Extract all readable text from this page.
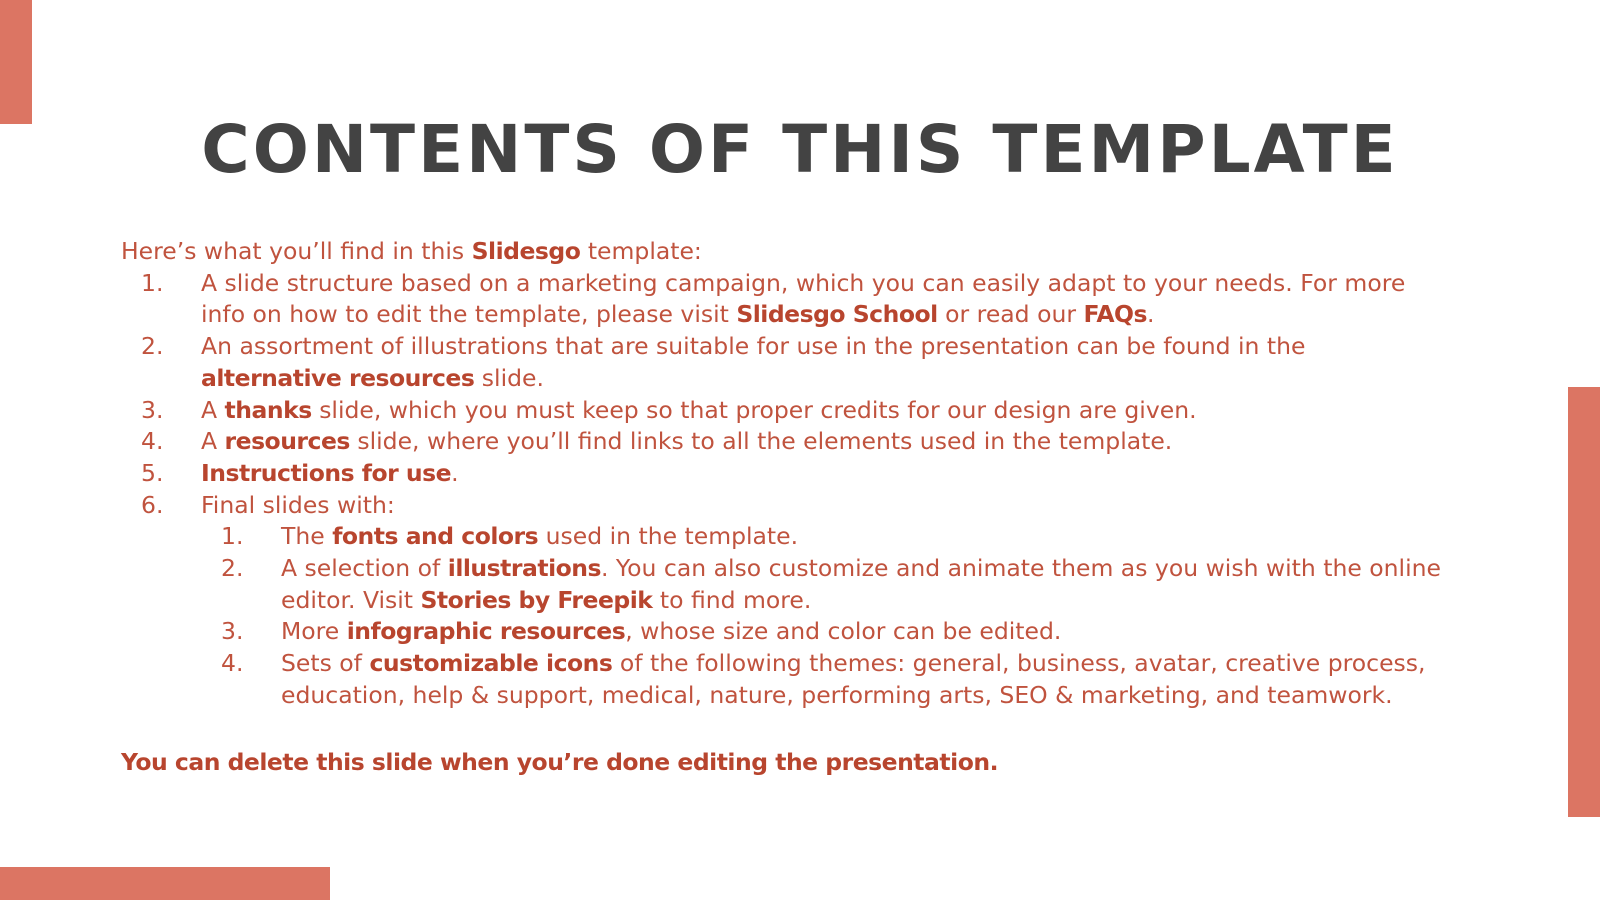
CONTENTS OF THIS TEMPLATE

Here’s what you’ll find in this Slidesgo template:

1. A slide structure based on a marketing campaign, which you can easily adapt to your needs. For more info on how to edit the template, please visit Slidesgo School or read our FAQs.

2. An assortment of illustrations that are suitable for use in the presentation can be found in the alternative resources slide.

3. A thanks slide, which you must keep so that proper credits for our design are given.

4. A resources slide, where you’ll find links to all the elements used in the template.

5. Instructions for use.

6. Final slides with:

1. The fonts and colors used in the template.

2. A selection of illustrations. You can also customize and animate them as you wish with the online editor. Visit Stories by Freepik to find more.

3. More infographic resources, whose size and color can be edited.

4. Sets of customizable icons of the following themes: general, business, avatar, creative process, education, help & support, medical, nature, performing arts, SEO & marketing, and teamwork.

You can delete this slide when you’re done editing the presentation.
